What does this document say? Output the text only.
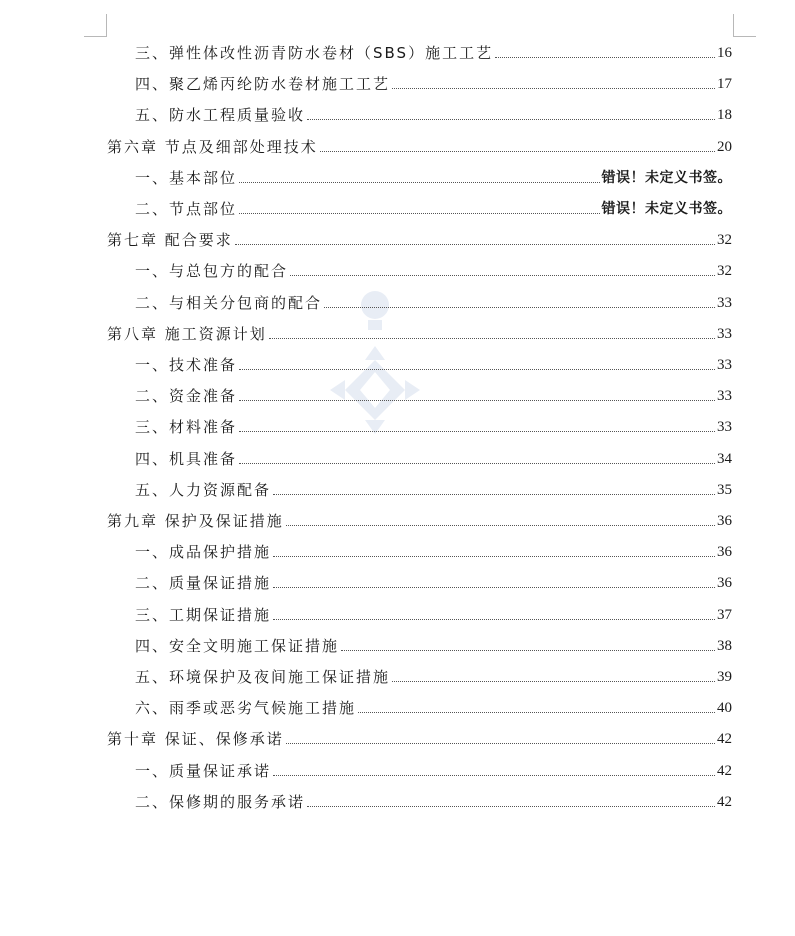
三、弹性体改性沥青防水卷材（SBS）施工工艺	16
四、聚乙烯丙纶防水卷材施工工艺	17
五、防水工程质量验收	18
第六章 节点及细部处理技术	20
一、基本部位	错误！未定义书签。
二、节点部位	错误！未定义书签。
第七章 配合要求	32
一、与总包方的配合	32
二、与相关分包商的配合	33
第八章 施工资源计划	33
一、技术准备	33
二、资金准备	33
三、材料准备	33
四、机具准备	34
五、人力资源配备	35
第九章 保护及保证措施	36
一、成品保护措施	36
二、质量保证措施	36
三、工期保证措施	37
四、安全文明施工保证措施	38
五、环境保护及夜间施工保证措施	39
六、雨季或恶劣气候施工措施	40
第十章 保证、保修承诺	42
一、质量保证承诺	42
二、保修期的服务承诺	42
